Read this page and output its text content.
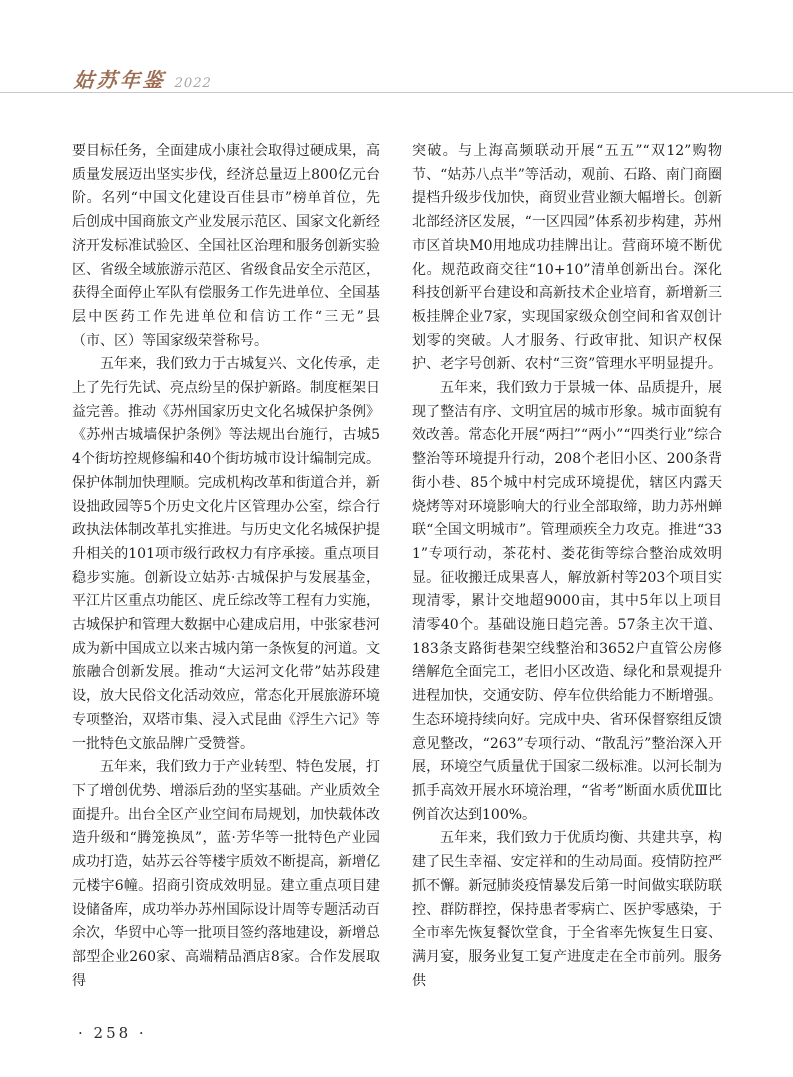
姑苏年鉴 2022

要目标任务，全面建成小康社会取得过硬成果，高质量发展迈出坚实步伐，经济总量迈上800亿元台阶。名列“中国文化建设百佳县市”榜单首位，先后创成中国商旅文产业发展示范区、国家文化新经济开发标准试验区、全国社区治理和服务创新实验区、省级全域旅游示范区、省级食品安全示范区，获得全面停止军队有偿服务工作先进单位、全国基层中医药工作先进单位和信访工作“三无”县（市、区）等国家级荣誉称号。

五年来，我们致力于古城复兴、文化传承，走上了先行先试、亮点纷呈的保护新路。制度框架日益完善。推动《苏州国家历史文化名城保护条例》《苏州古城墙保护条例》等法规出台施行，古城54个街坊控规修编和40个街坊城市设计编制完成。保护体制加快理顺。完成机构改革和街道合并，新设拙政园等5个历史文化片区管理办公室，综合行政执法体制改革扎实推进。与历史文化名城保护提升相关的101项市级行政权力有序承接。重点项目稳步实施。创新设立姑苏·古城保护与发展基金，平江片区重点功能区、虎丘综改等工程有力实施，古城保护和管理大数据中心建成启用，中张家巷河成为新中国成立以来古城内第一条恢复的河道。文旅融合创新发展。推动“大运河文化带”姑苏段建设，放大民俗文化活动效应，常态化开展旅游环境专项整治，双塔市集、浸入式昆曲《浮生六记》等一批特色文旅品牌广受赞誉。

五年来，我们致力于产业转型、特色发展，打下了增创优势、增添后劲的坚实基础。产业质效全面提升。出台全区产业空间布局规划，加快载体改造升级和“腾笼换凤”，蓝·芳华等一批特色产业园成功打造，姑苏云谷等楼宇质效不断提高，新增亿元楼宇6幢。招商引资成效明显。建立重点项目建设储备库，成功举办苏州国际设计周等专题活动百余次，华贸中心等一批项目签约落地建设，新增总部型企业260家、高端精品酒店8家。合作发展取得

突破。与上海高频联动开展“五五”“双12”购物节、“姑苏八点半”等活动，观前、石路、南门商圈提档升级步伐加快，商贸业营业额大幅增长。创新北部经济区发展，“一区四园”体系初步构建，苏州市区首块M0用地成功挂牌出让。营商环境不断优化。规范政商交往“10+10”清单创新出台。深化科技创新平台建设和高新技术企业培育，新增新三板挂牌企业7家，实现国家级众创空间和省双创计划零的突破。人才服务、行政审批、知识产权保护、老字号创新、农村“三资”管理水平明显提升。

五年来，我们致力于景城一体、品质提升，展现了整洁有序、文明宜居的城市形象。城市面貌有效改善。常态化开展“两扫”“两小”“四类行业”综合整治等环境提升行动，208个老旧小区、200条背街小巷、85个城中村完成环境提优，辖区内露天烧烤等对环境影响大的行业全部取缔，助力苏州蝉联“全国文明城市”。管理顽疾全力攻克。推进“331”专项行动，茶花村、娄花街等综合整治成效明显。征收搬迁成果喜人，解放新村等203个项目实现清零，累计交地超9000亩，其中5年以上项目清零40个。基础设施日趋完善。57条主次干道、183条支路街巷架空线整治和3652户直管公房修缮解危全面完工，老旧小区改造、绿化和景观提升进程加快，交通安防、停车位供给能力不断增强。生态环境持续向好。完成中央、省环保督察组反馈意见整改，“263”专项行动、“散乱污”整治深入开展，环境空气质量优于国家二级标准。以河长制为抓手高效开展水环境治理，“省考”断面水质优Ⅲ比例首次达到100%。

五年来，我们致力于优质均衡、共建共享，构建了民生幸福、安定祥和的生动局面。疫情防控严抓不懈。新冠肺炎疫情暴发后第一时间做实联防联控、群防群控，保持患者零病亡、医护零感染，于全市率先恢复餐饮堂食，于全省率先恢复生日宴、满月宴，服务业复工复产进度走在全市前列。服务供

· 258 ·
